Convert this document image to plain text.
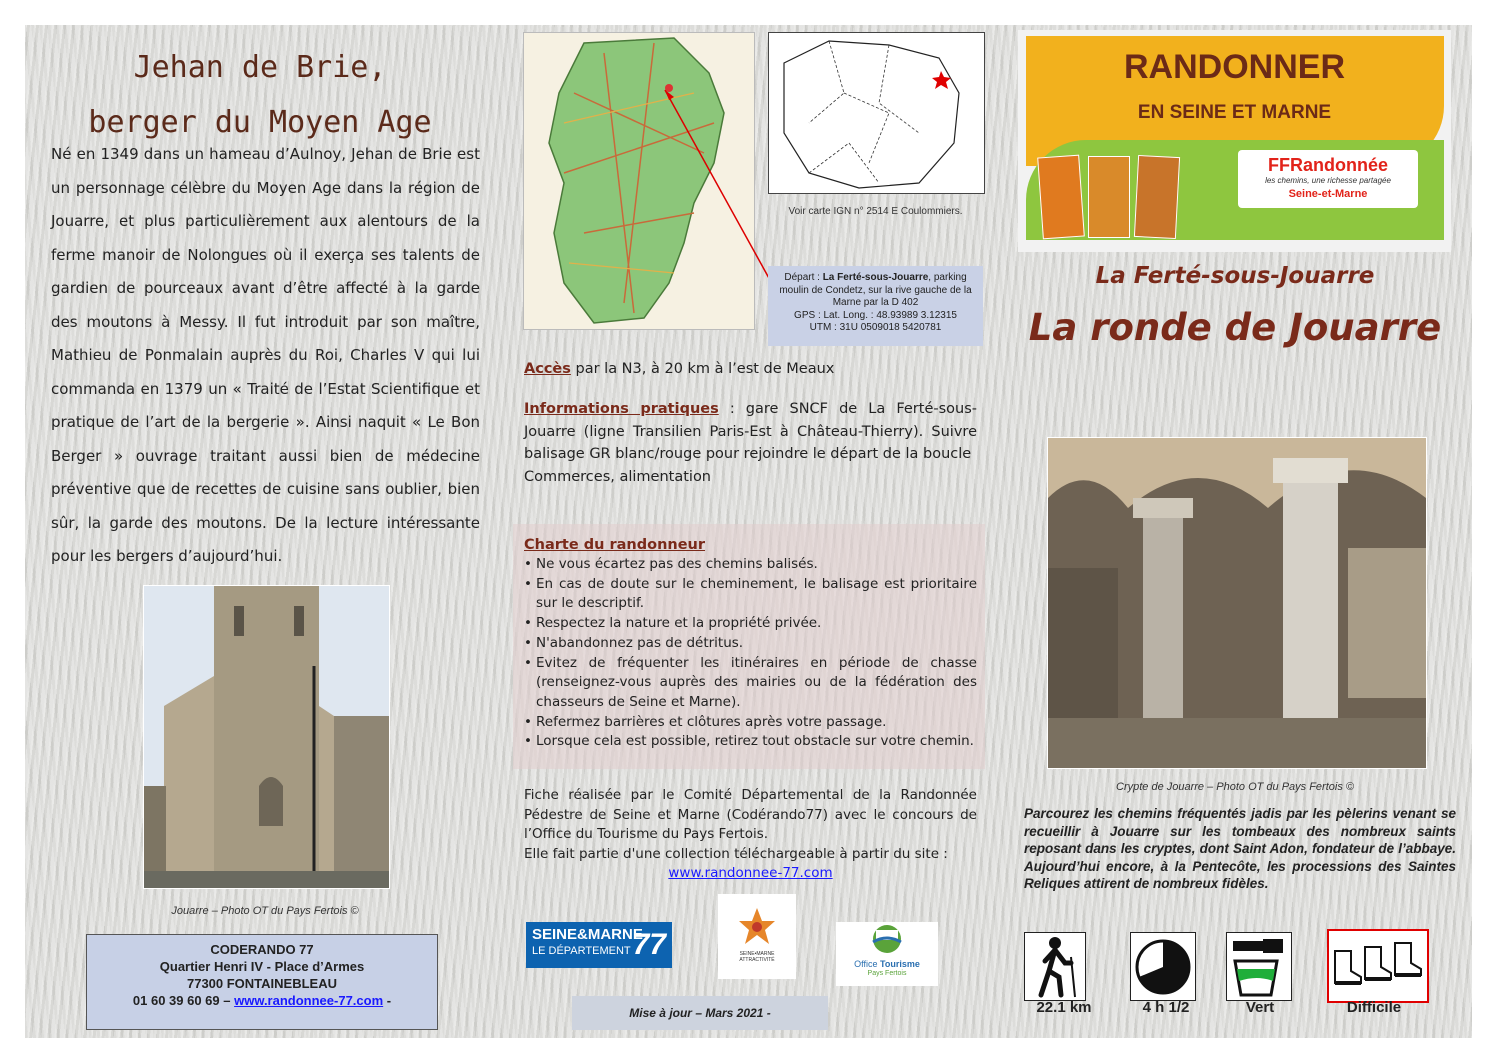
Jehan de Brie,
berger du Moyen Age
Né en 1349 dans un hameau d’Aulnoy, Jehan de Brie est un personnage célèbre du Moyen Age dans la région de Jouarre, et plus particulièrement aux alentours de la ferme manoir de Nolongues où il exerça ses talents de gardien de pourceaux avant d’être affecté à la garde des moutons à Messy. Il fut introduit par son maître, Mathieu de Ponmalain auprès du Roi, Charles V qui lui commanda en 1379 un « Traité de l’Estat Scientifique et pratique de l’art de la bergerie ». Ainsi naquit « Le Bon Berger » ouvrage traitant aussi bien de médecine préventive que de recettes de cuisine sans oublier, bien sûr, la garde des moutons. De la lecture intéressante pour les bergers d’aujourd’hui.
Jouarre – Photo OT du Pays Fertois ©
CODERANDO 77
Quartier Henri IV - Place d’Armes
77300 FONTAINEBLEAU
01 60 39 60 69 – www.randonnee-77.com -
Voir carte IGN n° 2514 E Coulommiers.
Départ : La Ferté-sous-Jouarre, parking moulin de Condetz, sur la rive gauche de la Marne par la D 402
GPS : Lat. Long. : 48.93989 3.12315
UTM : 31U 0509018 5420781
Accès par la N3, à 20 km à l’est de Meaux
Informations pratiques : gare SNCF de La Ferté-sous-Jouarre (ligne Transilien Paris-Est à Château-Thierry). Suivre balisage GR blanc/rouge pour rejoindre le départ de la boucle
Commerces, alimentation
Charte du randonneur
• Ne vous écartez pas des chemins balisés.
• En cas de doute sur le cheminement, le balisage est prioritaire sur le descriptif.
• Respectez la nature et la propriété privée.
• N'abandonnez pas de détritus.
• Evitez de fréquenter les itinéraires en période de chasse (renseignez-vous auprès des mairies ou de la fédération des chasseurs de Seine et Marne).
• Refermez barrières et clôtures après votre passage.
• Lorsque cela est possible, retirez tout obstacle sur votre chemin.
Fiche réalisée par le Comité Départemental de la Randonnée Pédestre de Seine et Marne (Codérando77) avec le concours de l’Office du Tourisme du Pays Fertois.
Elle fait partie d'une collection téléchargeable à partir du site :
www.randonnee-77.com
SEINE&MARNE
LE DÉPARTEMENT 77	SEINE•MARNE
ATTRACTIVITÉ	Office Tourisme
Pays Fertois
Mise à jour – Mars 2021 -
RANDONNER
EN SEINE ET MARNE
FFRandonnée
les chemins, une richesse partagée
Seine-et-Marne
La Ferté-sous-Jouarre
La ronde de Jouarre
Crypte de Jouarre – Photo OT du Pays Fertois ©
Parcourez les chemins fréquentés jadis par les pèlerins venant se recueillir à Jouarre sur les tombeaux des nombreux saints reposant dans les cryptes, dont Saint Adon, fondateur de l’abbaye. Aujourd’hui encore, à la Pentecôte, les processions des Saintes Reliques attirent de nombreux fidèles.
22.1 km	4 h 1/2	Vert	Difficile
